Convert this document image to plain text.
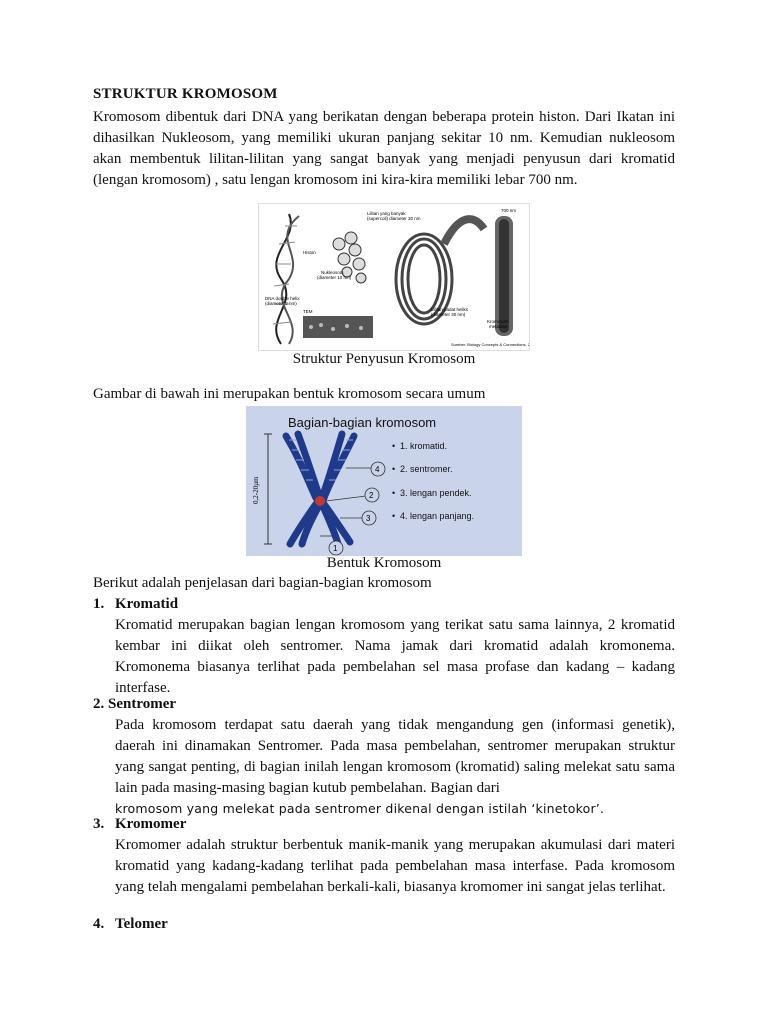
STRUKTUR KROMOSOM

Kromosom dibentuk dari DNA yang berikatan dengan beberapa protein histon. Dari Ikatan ini dihasilkan Nukleosom, yang memiliki ukuran panjang sekitar 10 nm. Kemudian nukleosom akan membentuk lilitan-lilitan yang sangat banyak yang menjadi penyusun dari kromatid (lengan kromosom) , satu lengan kromosom ini kira-kira memiliki lebar 700 nm.

Lilitan yang banyak
(supercoil) diameter 30 nm
700 nm
Histon
Nukleosom
(diameter 10 nm)
DNA double helix
(diameter 2 nm)
Lilitan padat heliks
(diameter 30 nm)
Kromosom
metafase
TEM
Sumber: Biology Concepts & Connections, 2006
Struktur Penyusun Kromosom
Gambar di bawah ini merupakan bentuk kromosom secara umum
Bagian-bagian kromosom
0,2-20µm
1
2
3
4
• 1. kromatid.
• 2. sentromer.
• 3. lengan pendek.
• 4. lengan panjang.
Bentuk Kromosom
Berikut adalah penjelasan dari bagian-bagian kromosom
1. Kromatid

Kromatid merupakan bagian lengan kromosom yang terikat satu sama lainnya, 2 kromatid kembar ini diikat oleh sentromer. Nama jamak dari kromatid adalah kromonema. Kromonema biasanya terlihat pada pembelahan sel masa profase dan kadang – kadang interfase.

2. Sentromer

Pada kromosom terdapat satu daerah yang tidak mengandung gen (informasi genetik), daerah ini dinamakan Sentromer. Pada masa pembelahan, sentromer merupakan struktur yang sangat penting, di bagian inilah lengan kromosom (kromatid) saling melekat satu sama lain pada masing-masing bagian kutub pembelahan. Bagian dari

kromosom yang melekat pada sentromer dikenal dengan istilah ‘kinetokor’.
3. Kromomer

Kromomer adalah struktur berbentuk manik-manik yang merupakan akumulasi dari materi kromatid yang kadang-kadang terlihat pada pembelahan masa interfase. Pada kromosom yang telah mengalami pembelahan berkali-kali, biasanya kromomer ini sangat jelas terlihat.

4. Telomer
